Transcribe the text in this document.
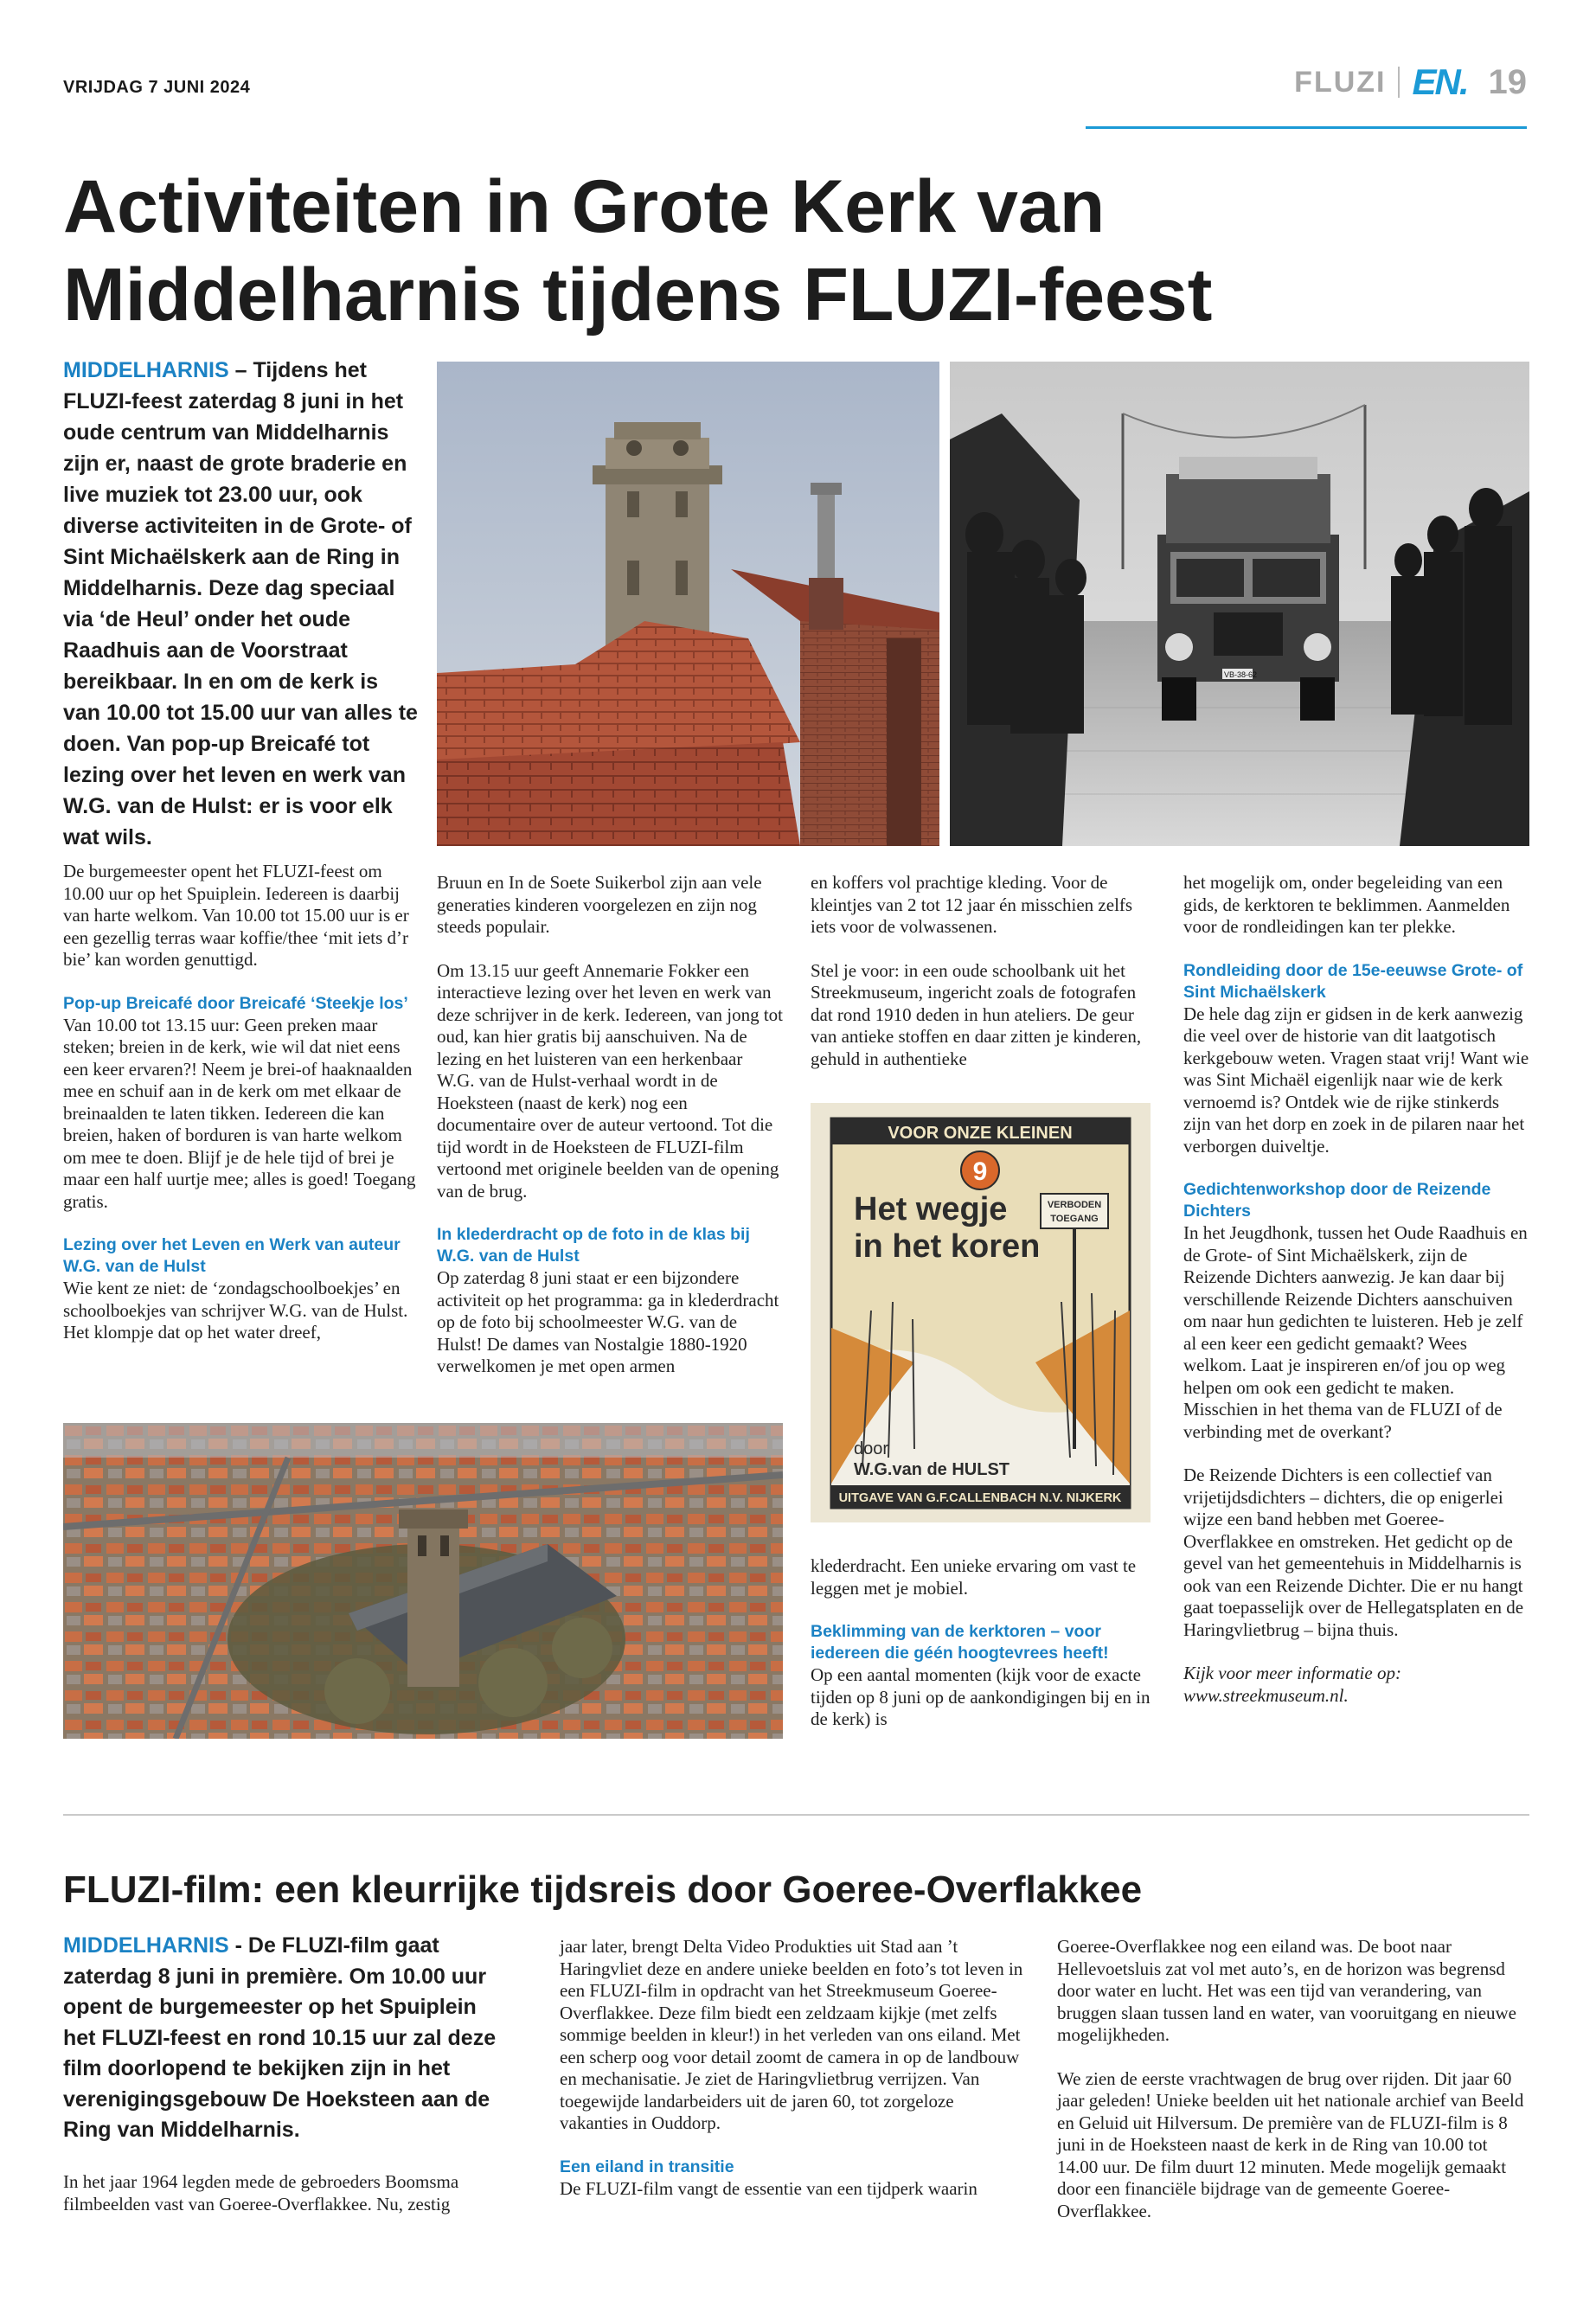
VRIJDAG 7 JUNI 2024	FLUZI EN. 19
Activiteiten in Grote Kerk van Middelharnis tijdens FLUZI-feest
MIDDELHARNIS – Tijdens het FLUZI-feest zaterdag 8 juni in het oude centrum van Middelharnis zijn er, naast de grote braderie en live muziek tot 23.00 uur, ook diverse activiteiten in de Grote- of Sint Michaëlskerk aan de Ring in Middelharnis. Deze dag speciaal via ‘de Heul’ onder het oude Raadhuis aan de Voorstraat bereikbaar. In en om de kerk is van 10.00 tot 15.00 uur van alles te doen. Van pop-up Breicafé tot lezing over het leven en werk van W.G. van de Hulst: er is voor elk wat wils.
VB-38-62

De burgemeester opent het FLUZI-feest om 10.00 uur op het Spuiplein. Iedereen is daarbij van harte welkom. Van 10.00 tot 15.00 uur is er een gezellig terras waar koffie/thee ‘mit iets d’r bie’ kan worden genuttigd.

Pop-up Breicafé door Breicafé ‘Steekje los’

Van 10.00 tot 13.15 uur: Geen preken maar steken; breien in de kerk, wie wil dat niet eens een keer ervaren?! Neem je brei-of haaknaalden mee en schuif aan in de kerk om met elkaar de breinaalden te laten tikken. Iedereen die kan breien, haken of borduren is van harte welkom om mee te doen. Blijf je de hele tijd of brei je maar een half uurtje mee; alles is goed! Toegang gratis.

Lezing over het Leven en Werk van auteur W.G. van de Hulst

Wie kent ze niet: de ‘zondagschoolboekjes’ en schoolboekjes van schrijver W.G. van de Hulst. Het klompje dat op het water dreef,

Bruun en In de Soete Suikerbol zijn aan vele generaties kinderen voorgelezen en zijn nog steeds populair.

Om 13.15 uur geeft Annemarie Fokker een interactieve lezing over het leven en werk van deze schrijver in de kerk. Iedereen, van jong tot oud, kan hier gratis bij aanschuiven. Na de lezing en het luisteren van een herkenbaar W.G. van de Hulst-verhaal wordt in de Hoeksteen (naast de kerk) nog een documentaire over de auteur vertoond. Tot die tijd wordt in de Hoeksteen de FLUZI-film vertoond met originele beelden van de opening van de brug.

In klederdracht op de foto in de klas bij W.G. van de Hulst

Op zaterdag 8 juni staat er een bijzondere activiteit op het programma: ga in klederdracht op de foto bij schoolmeester W.G. van de Hulst! De dames van Nostalgie 1880-1920 verwelkomen je met open armen

en koffers vol prachtige kleding. Voor de kleintjes van 2 tot 12 jaar én misschien zelfs iets voor de volwassenen.

Stel je voor: in een oude schoolbank uit het Streekmuseum, ingericht zoals de fotografen dat rond 1910 deden in hun ateliers. De geur van antieke stoffen en daar zitten je kinderen, gehuld in authentieke

VOOR ONZE KLEINEN
9
Het wegje
in het koren
VERBODEN
TOEGANG
door
W.G.van de HULST
UITGAVE VAN G.F.CALLENBACH N.V. NIJKERK

klederdracht. Een unieke ervaring om vast te leggen met je mobiel.

Beklimming van de kerktoren – voor iedereen die géén hoogtevrees heeft!

Op een aantal momenten (kijk voor de exacte tijden op 8 juni op de aankondigingen bij en in de kerk) is

het mogelijk om, onder begeleiding van een gids, de kerktoren te beklimmen. Aanmelden voor de rondleidingen kan ter plekke.

Rondleiding door de 15e-eeuwse Grote- of Sint Michaëlskerk

De hele dag zijn er gidsen in de kerk aanwezig die veel over de historie van dit laatgotisch kerkgebouw weten. Vragen staat vrij! Want wie was Sint Michaël eigenlijk naar wie de kerk vernoemd is? Ontdek wie de rijke stinkerds zijn van het dorp en zoek in de pilaren naar het verborgen duiveltje.

Gedichtenworkshop door de Reizende Dichters

In het Jeugdhonk, tussen het Oude Raadhuis en de Grote- of Sint Michaëlskerk, zijn de Reizende Dichters aanwezig. Je kan daar bij verschillende Reizende Dichters aanschuiven om naar hun gedichten te luisteren. Heb je zelf al een keer een gedicht gemaakt? Wees welkom. Laat je inspireren en/of jou op weg helpen om ook een gedicht te maken. Misschien in het thema van de FLUZI of de verbinding met de overkant?

De Reizende Dichters is een collectief van vrijetijdsdichters – dichters, die op enigerlei wijze een band hebben met Goeree-Overflakkee en omstreken. Het gedicht op de gevel van het gemeentehuis in Middelharnis is ook van een Reizende Dichter. Die er nu hangt gaat toepasselijk over de Hellegatsplaten en de Haringvlietbrug – bijna thuis.

Kijk voor meer informatie op: www.streekmuseum.nl.

FLUZI-film: een kleurrijke tijdsreis door Goeree-Overflakkee
MIDDELHARNIS - De FLUZI-film gaat zaterdag 8 juni in première. Om 10.00 uur opent de burgemeester op het Spuiplein het FLUZI-feest en rond 10.15 uur zal deze film doorlopend te bekijken zijn in het verenigingsgebouw De Hoeksteen aan de Ring van Middelharnis.

In het jaar 1964 legden mede de gebroeders Boomsma filmbeelden vast van Goeree-Overflakkee. Nu, zestig

jaar later, brengt Delta Video Produkties uit Stad aan ’t Haringvliet deze en andere unieke beelden en foto’s tot leven in een FLUZI-film in opdracht van het Streekmuseum Goeree-Overflakkee. Deze film biedt een zeldzaam kijkje (met zelfs sommige beelden in kleur!) in het verleden van ons eiland. Met een scherp oog voor detail zoomt de camera in op de landbouw en mechanisatie. Je ziet de Haringvlietbrug verrijzen. Van toegewijde landarbeiders uit de jaren 60, tot zorgeloze vakanties in Ouddorp.

Een eiland in transitie

De FLUZI-film vangt de essentie van een tijdperk waarin

Goeree-Overflakkee nog een eiland was. De boot naar Hellevoetsluis zat vol met auto’s, en de horizon was begrensd door water en lucht. Het was een tijd van verandering, van bruggen slaan tussen land en water, van vooruitgang en nieuwe mogelijkheden.

We zien de eerste vrachtwagen de brug over rijden. Dit jaar 60 jaar geleden! Unieke beelden uit het nationale archief van Beeld en Geluid uit Hilversum. De première van de FLUZI-film is 8 juni in de Hoeksteen naast de kerk in de Ring van 10.00 tot 14.00 uur. De film duurt 12 minuten. Mede mogelijk gemaakt door een financiële bijdrage van de gemeente Goeree-Overflakkee.
